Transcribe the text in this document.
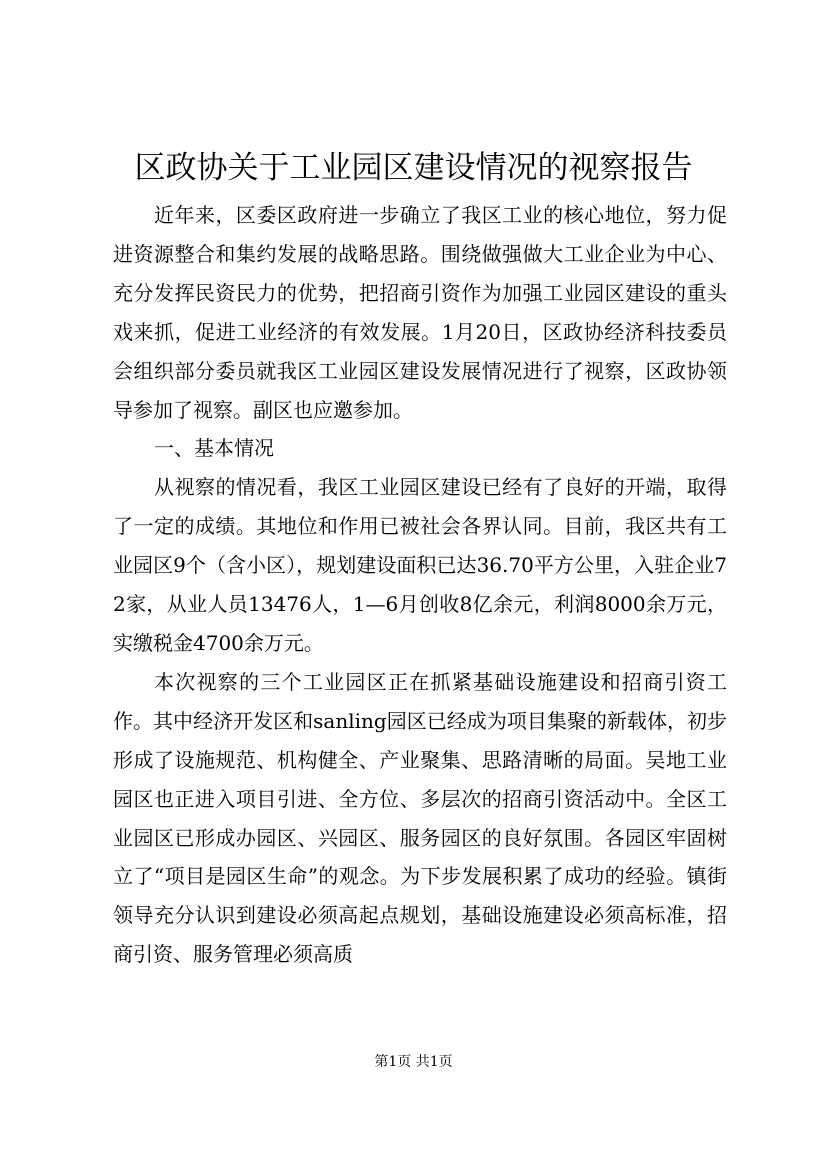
区政协关于工业园区建设情况的视察报告

近年来，区委区政府进一步确立了我区工业的核心地位，努力促进资源整合和集约发展的战略思路。围绕做强做大工业企业为中心、充分发挥民资民力的优势，把招商引资作为加强工业园区建设的重头戏来抓，促进工业经济的有效发展。1月20日，区政协经济科技委员会组织部分委员就我区工业园区建设发展情况进行了视察，区政协领导参加了视察。副区也应邀参加。

一、基本情况

从视察的情况看，我区工业园区建设已经有了良好的开端，取得了一定的成绩。其地位和作用已被社会各界认同。目前，我区共有工业园区9个（含小区），规划建设面积已达36.70平方公里，入驻企业72家，从业人员13476人，1—6月创收8亿余元，利润8000余万元，实缴税金4700余万元。

本次视察的三个工业园区正在抓紧基础设施建设和招商引资工作。其中经济开发区和sanling园区已经成为项目集聚的新载体，初步形成了设施规范、机构健全、产业聚集、思路清晰的局面。吴地工业园区也正进入项目引进、全方位、多层次的招商引资活动中。全区工业园区已形成办园区、兴园区、服务园区的良好氛围。各园区牢固树立了“项目是园区生命”的观念。为下步发展积累了成功的经验。镇街领导充分认识到建设必须高起点规划，基础设施建设必须高标准，招商引资、服务管理必须高质

第1页 共1页
